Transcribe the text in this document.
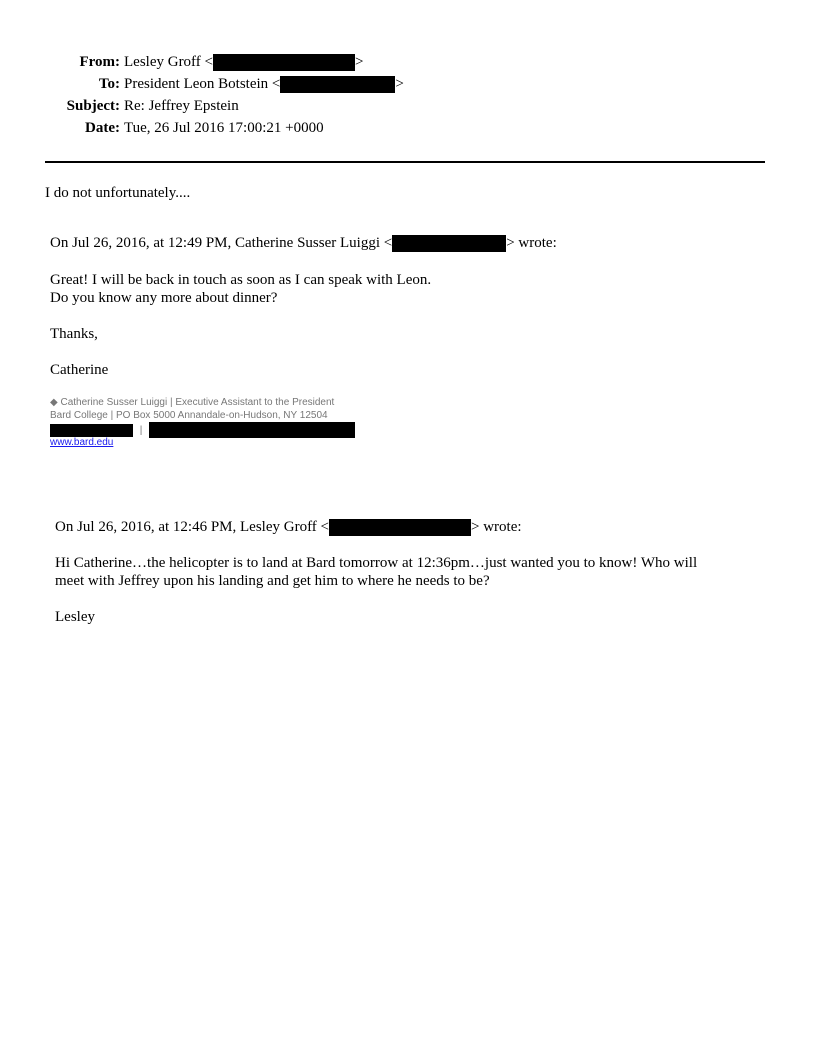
From: Lesley Groff <	>
To: President Leon Botstein <	>
Subject: Re: Jeffrey Epstein
Date: Tue, 26 Jul 2016 17:00:21 +0000
I do not unfortunately....
On Jul 26, 2016, at 12:49 PM, Catherine Susser Luiggi <	> wrote:
Great! I will be back in touch as soon as I can speak with Leon.
Do you know any more about dinner?
Thanks,
Catherine
◆ Catherine Susser Luiggi | Executive Assistant to the President
Bard College | PO Box 5000 Annandale-on-Hudson, NY 12504
|
www.bard.edu
On Jul 26, 2016, at 12:46 PM, Lesley Groff <	> wrote:
Hi Catherine…the helicopter is to land at Bard tomorrow at 12:36pm…just wanted you to know! Who will
meet with Jeffrey upon his landing and get him to where he needs to be?
Lesley
